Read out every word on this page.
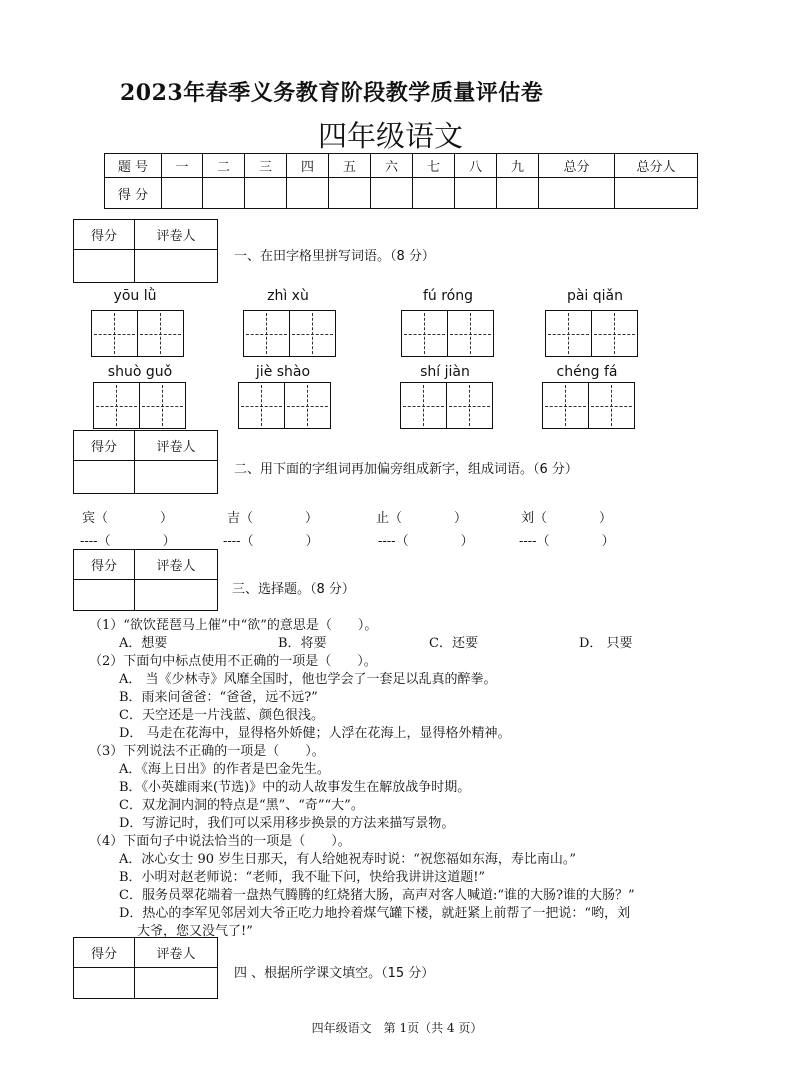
2023年春季义务教育阶段教学质量评估卷
四年级语文
题 号	一	二	三	四	五	六	七	八	九	总分	总分人
得 分											
得分	评卷人

一、在田字格里拼写词语。（8 分）
yōu lǜ	zhì xù	fú róng	pài qiǎn
shuò guǒ	jiè shào	shí jiàn	chéng fá
得分	评卷人

二、用下面的字组词再加偏旁组成新字，组成词语。（6 分）
宾（　　　　）	吉（　　　　）	止（　　　　）	刘（　　　　）
----（　　　　）	----（　　　　）	----（　　　　）	----（　　　　）
得分	评卷人

三、选择题。（8 分）
（1）“欲饮琵琶马上催”中“欲”的意思是（　　）。
A．想要	B．将要	C．还要	D． 只要
（2）下面句中标点使用不正确的一项是（　　）。
A． 当《少林寺》风靡全国时，他也学会了一套足以乱真的醉拳。
B．雨来问爸爸：“爸爸，远不远?”
C．天空还是一片浅蓝、颜色很浅。
D． 马走在花海中，显得格外娇健；人浮在花海上，显得格外精神。
（3）下列说法不正确的一项是（　　）。
A．《海上日出》的作者是巴金先生。
B．《小英雄雨来(节选)》中的动人故事发生在解放战争时期。
C．双龙洞内洞的特点是“黑”、“奇”“大”。
D．写游记时，我们可以采用移步换景的方法来描写景物。
（4）下面句子中说法恰当的一项是（　　）。
A．冰心女士 90 岁生日那天，有人给她祝寿时说：“祝您福如东海，寿比南山。”
B．小明对赵老师说：“老师，我不耻下问，快给我讲讲这道题!”
C．服务员翠花端着一盘热气腾腾的红烧猪大肠，高声对客人喊道:“谁的大肠?谁的大肠？”
D．热心的李军见邻居刘大爷正吃力地拎着煤气罐下楼，就赶紧上前帮了一把说：“哟，刘
大爷，您又没气了!”
得分	评卷人

四 、根据所学课文填空。（15 分）
四年级语文　第 1页（共 4 页）
